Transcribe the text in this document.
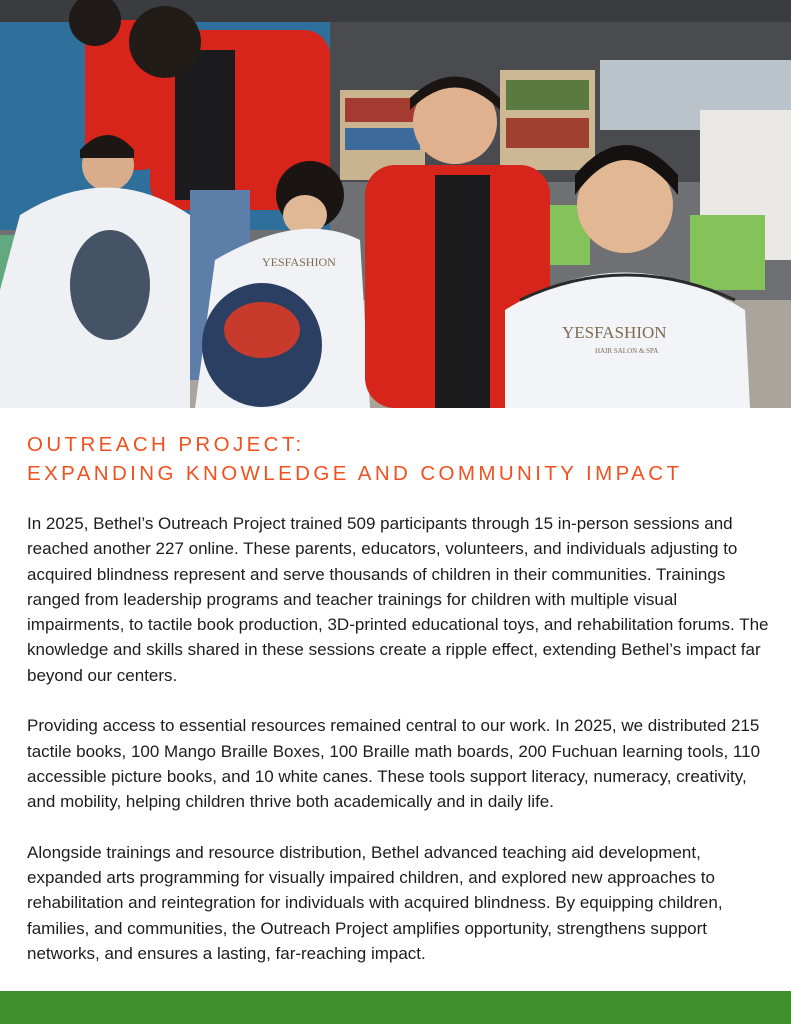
YESFASHION
HAIR SALON & SPA
YESFASHION
OUTREACH PROJECT:
EXPANDING KNOWLEDGE AND COMMUNITY IMPACT

In 2025, Bethel’s Outreach Project trained 509 participants through 15 in-person sessions and reached another 227 online. These parents, educators, volunteers, and individuals adjusting to acquired blindness represent and serve thousands of children in their communities. Trainings ranged from leadership programs and teacher trainings for children with multiple visual impairments, to tactile book production, 3D-printed educational toys, and rehabilitation forums. The knowledge and skills shared in these sessions create a ripple effect, extending Bethel’s impact far beyond our centers.

Providing access to essential resources remained central to our work. In 2025, we distributed 215 tactile books, 100 Mango Braille Boxes, 100 Braille math boards, 200 Fuchuan learning tools, 110 accessible picture books, and 10 white canes. These tools support literacy, numeracy, creativity, and mobility, helping children thrive both academically and in daily life.

Alongside trainings and resource distribution, Bethel advanced teaching aid development, expanded arts programming for visually impaired children, and explored new approaches to rehabilitation and reintegration for individuals with acquired blindness. By equipping children, families, and communities, the Outreach Project amplifies opportunity, strengthens support networks, and ensures a lasting, far-reaching impact.
